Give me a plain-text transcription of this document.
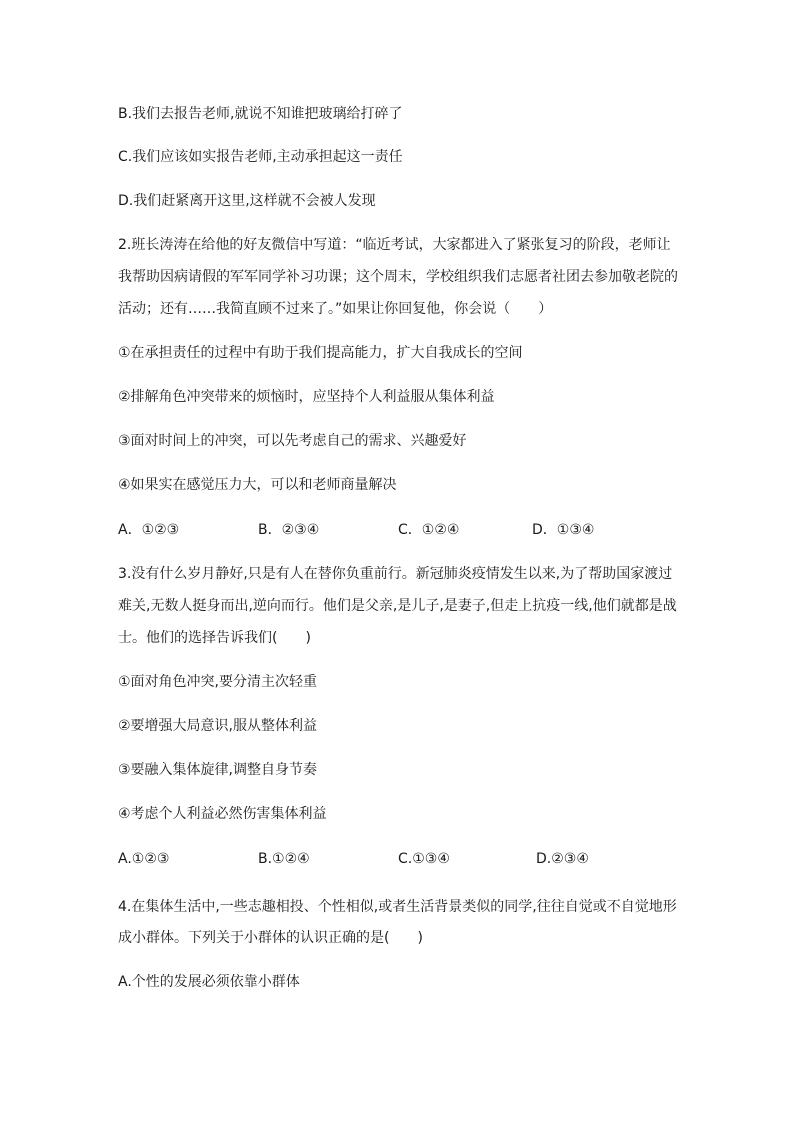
B.我们去报告老师,就说不知谁把玻璃给打碎了
C.我们应该如实报告老师,主动承担起这一责任
D.我们赶紧离开这里,这样就不会被人发现
2.班长涛涛在给他的好友微信中写道：“临近考试，大家都进入了紧张复习的阶段，老师让
我帮助因病请假的军军同学补习功课；这个周末，学校组织我们志愿者社团去参加敬老院的
活动；还有……我简直顾不过来了。”如果让你回复他，你会说（　　）
①在承担责任的过程中有助于我们提高能力，扩大自我成长的空间
②排解角色冲突带来的烦恼时，应坚持个人利益服从集体利益
③面对时间上的冲突，可以先考虑自己的需求、兴趣爱好
④如果实在感觉压力大，可以和老师商量解决
A．①②③	B．②③④	C．①②④	D．①③④
3.没有什么岁月静好,只是有人在替你负重前行。新冠肺炎疫情发生以来,为了帮助国家渡过
难关,无数人挺身而出,逆向而行。他们是父亲,是儿子,是妻子,但走上抗疫一线,他们就都是战
士。他们的选择告诉我们(　　)
①面对角色冲突,要分清主次轻重
②要增强大局意识,服从整体利益
③要融入集体旋律,调整自身节奏
④考虑个人利益必然伤害集体利益
A.①②③	B.①②④	C.①③④	D.②③④
4.在集体生活中,一些志趣相投、个性相似,或者生活背景类似的同学,往往自觉或不自觉地形
成小群体。下列关于小群体的认识正确的是(　　)
A.个性的发展必须依靠小群体
